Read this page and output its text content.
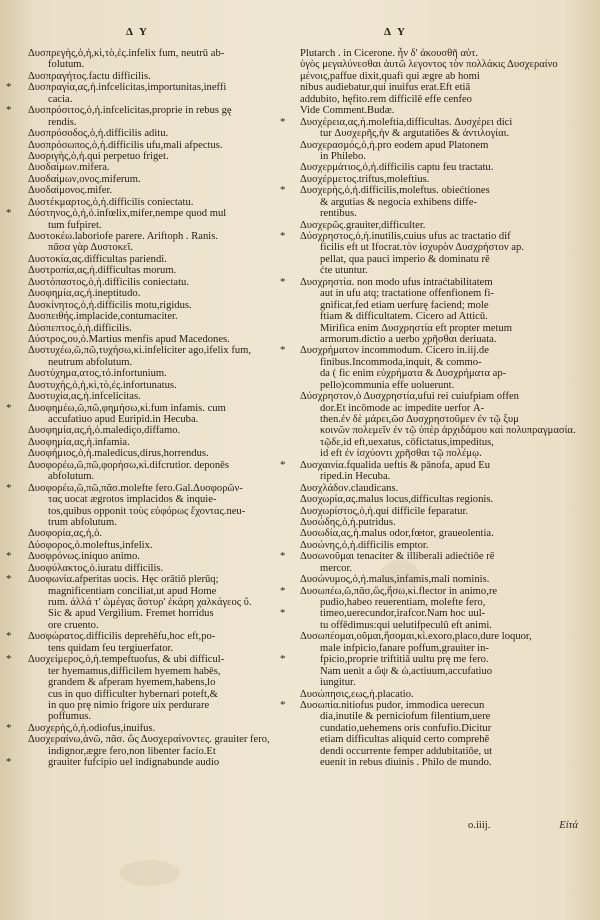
Δ Y	Δ Y
Δυσπρεγὴς,ὁ,ἡ,κὶ,τὸ,ἐς.infelix fum, neutrū ab-
folutum.
Δυσπραγήτος.factu difficilis.
* Δυσπραγία,ας,ἡ.infcelicitas,importunitas,ineffi
cacia.
* Δυσπρόσιτος,ὁ,ἡ.infcelicitas,proprie in rebus gę
rendis.
Δυσπρόσοδος,ὁ,ἡ.difficilis aditu.
Δυσπρόσωπος,ὁ,ἡ.difficilis ufu,mali afpectus.
Δυσριγὴς,ὁ,ἡ.qui perpetuo friget.
Δυσδαίμων.mifera.
Δυσδαίμων,ονος.miferum.
Δυσδαίμονος.mifer.
Δυστέκμαρτος,ὁ,ἡ.difficilis coniectatu.
* Δύστηνος,ὁ,ἡ,ὁ.infœlix,mifer,nempe quod mul
tum fufpiret.
Δυστοκέω.laboriofe parere. Ariftoph . Ranis.
πᾶσα γὰρ Δυστοκεῖ.
Δυστοκία,ας.difficultas pariendi.
Δυστροπία,ας,ἡ.difficultas morum.
Δυστόπαστος,ὁ,ἡ.difficilis coniectatu.
Δυσφημία,ας,ἡ.ineptitudo.
Δυσκίνητος,ὁ,ἡ.difficilis motu,rigidus.
Δυσπειθής.implacide,contumaciter.
Δύσπεπτος,ὁ,ἡ.difficilis.
Δύστρος,ου,ὁ.Martius menfis apud Macedones.
Δυστυχέω,ῶ,πῶ,τυχήσω,κὶ.infeliciter ago,ifelix fum,
neutrum abfolutum.
Δυστύχημα,ατος,τό.infortunium.
Δυστυχής,ὁ,ἡ,κὶ,τὸ,ἐς.infortunatus.
Δυστυχία,ας,ἡ.infcelicitas.
* Δυσφημέω,ῶ,πῶ,φημήσω,κὶ.fum infamis. cum
accufatiuo apud Euripid.in Hecuba.
Δυσφημία,ας,ἡ,ὁ.malediço,diffamo.
Δυσφημία,ας,ἡ.infamia.
Δυσφήμιος,ὁ,ἡ.maledicus,dirus,horrendus.
Δυσφορέω,ῶ,πῶ,φορήσω,κὶ.difcrutior. deponēs
abfolutum.
* Δυσφορέω,ῶ,πῶ,πᾶσ.molefte fero.Gal.Δυσφορῶν-
τας uocat ægrotos implacidos & inquie-
tos,quibus opponit τοὺς εὐφόρως ἔχοντας.neu-
trum abfolutum.
Δυσφορία,ας,ἡ,ὁ.
Δύσφορος,ὁ.moleftus,infelix.
* Δυσφρόνως.iniquo animo.
Δυσφύλακτος,ὁ.iuratu difficilis.
* Δυσφωνία.afperitas uocis. Hęc orātiō plerūq;
magnificentiam conciliat,ut apud Home
rum. ἀλλά τ' ὠμέγας ἄστυρ' ἐκάρη χαλκάγεος ὔ.
Sic & apud Vergilium. Fremet horridus
ore cruento.
* Δυσφώρατος.difficilis deprehēfu,hoc eft,po-
tens quidam feu tergiuerfator.
* Δυσχείμερος,ὁ,ἡ.tempeftuofus, & ubi difficul-
ter hyemamus,difficilem hyemem habēs,
grandem & afperam hyemem,habens,lo
cus in quo difficulter hybernari poteft,&
in quo prę nimio frigore uix perdurare
poffumus.
* Δυσχερὴς,ὁ,ἡ.odiofus,inuifus.
Δυσχεραίνω,ἀνῶ, πᾶσ. ὥς Δυσχεραίνοντες. grauiter fero,
indignor,ægre fero,non libenter facio.Et
*	grauiter fufcipio uel indignabunde audio
Plutarch . in Cicerone. ἦν δ' ἀκουσθῆ αὐτ.
ὑγὸς μεγαλύνεσθαι ἀυτῶ λεγοντος τὸν πολλάκις Δυσχεραίνο
μένοις,paffue dixit,quafi qui ægre ab homi
nibus audiebatur,qui inuifus erat.Eft etiā
addubito, hęfito.rem difficilē effe cenfeo
Vide Comment.Budæ.
* Δυσχέρεια,ας,ἡ.moleftia,difficultas. Δυσχέρει dici
tur Δυσχερῆς,ἡν & argutatiōes & ἀντιλογίαι.
Δυσχερασμός,ὁ,ἡ.pro eodem apud Platonem
in Philebo.
Δυσχερμάτιος,ὁ,ἡ.difficilis captu feu tractatu.
Δυσχέρμετος.triftus,moleftius.
* Δυσχερὴς,ὁ,ἡ.difficilis,moleftus. obiećtiones
& argutias & negocia exhibens diffe-
rentibus.
Δυσχερῶς.grauiter,difficulter.
* Δύσχρηστος,ὁ,ἡ.inutilis,cuius ufus ac tractatio dif
ficilis eft ut Ifocrat.τὸν ἰσχυρὸν Δυσχρήστον ap.
pellat, qua pauci imperio & dominatu rē
ćte utuntur.
* Δυσχρηστία. non modo ufus intraćtabilitatem
aut in ufu atq; tractatione offenfionem fi-
gnificat,fed etiam uerfurę faciend; mole
ftiam & difficultatem. Cicero ad Atticū.
Mirifica enim Δυσχρηστία eft propter metum
armorum.dictio a uerbo χρῆσθαι deriuata.
* Δυσχρήματον incommodum. Cicero in.iij.de
finibus.Incommoda,inquit, & commo-
da ( fic enim εὐχρήματα & Δυσχρήματα ap-
pello)communia effe uoluerunt.
Δύσχρηστον,ὁ Δυσχρηστία,ufui rei cuiufpiam offen
dor.Et incōmode ac impedite uerfor Α-
then.ἐν δὲ μάρει,ῶσ Δυσχρηστοῦμεν ἐν τῷ ξυμ
κοινῶν πολεμεῖν ἐν τῷ ὑπὲρ ἀρχιδάμου καὶ πολυπραγμασία.
τῷδε,id eft,uexatus, cōfictatus,impeditus,
id eft ἐν ἰσχύοντι χρῆσθαι τῷ πολέμῳ.
* Δυσχαινία.fqualida ueftis & pānofa, apud Eu
riped.in Hecuba.
Δυσχλάδον.claudicans.
Δυσχωρία,ας.malus locus,difficultas regionis.
Δυσχωρίστος,ὁ,ἡ.qui difficile feparatur.
Δυσώδης,ὁ,ἡ.putridus.
Δυσωδία,ας,ἡ.malus odor,fœtor, graueolentia.
Δυσώνης,ὁ,ἡ.difficilis emptor.
* Δυσωνοῦμαι tenaciter & illiberali adiećtiōe rē
mercor.
Δυσώνυμος,ὁ,ἡ.malus,infamis,mali nominis.
* Δυσωπέω,ῶ,πᾶσ,ὥς,ἥσω,κὶ.flector in animo,re
pudio,habeo reuerentiam, molefte fero,
*	timeo,uerecundor,irafcor.Nam hoc uul-
tu offēdimus:qui uelutifpeculū eft animi.
Δυσωπέομαι,οῦμαι,ἥσομαι,κὶ.exoro,placo,dure loquor,
male infpicio,fanare poffum,grauiter in-
*	fpicio,proprie triftitiā uultu prę me fero.
Nam uenit a ὤψ & ὠ,actiuum,accufatiuo
iungitur.
Δυσώπησις,εως,ἡ.placatio.
* Δυσωπία.nitiofus pudor, immodica uerecun
dia,inutile & perniciofum filentium,uere
cundatio,uehemens oris confufio.Dicitur
etiam difficultas aliquid certo comprehē
dendi occurrente femper addubitatiōe, ut
euenit in rebus diuinis . Philo de mundo.
o.iiij.	Εἰτά
